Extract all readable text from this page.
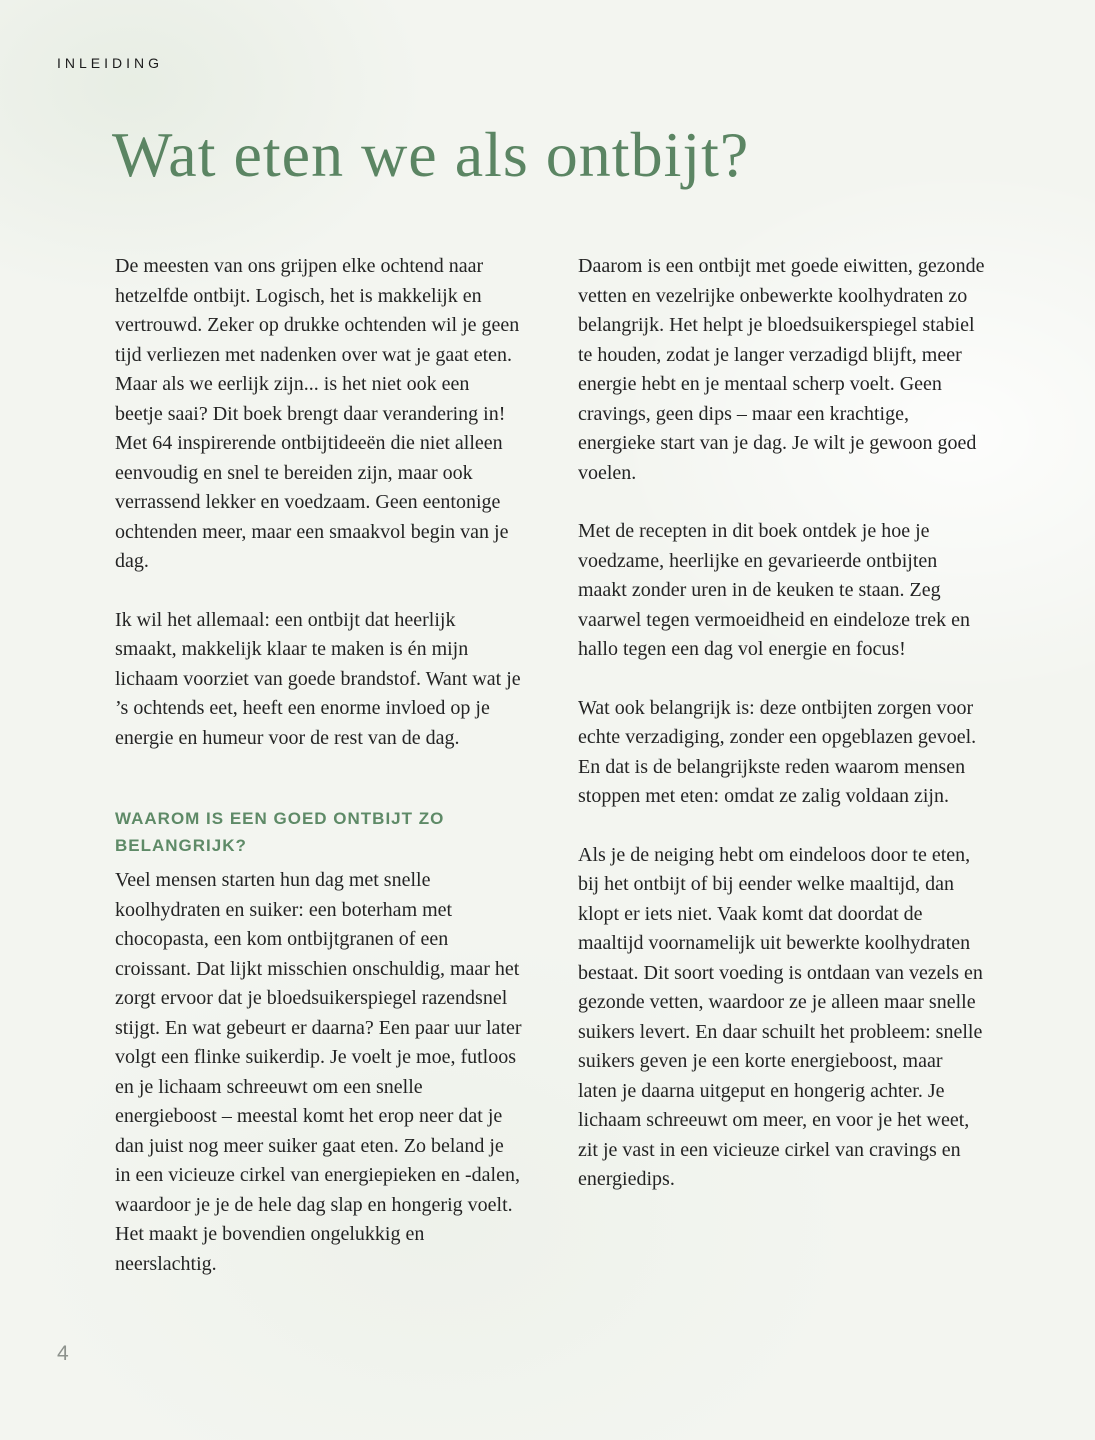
INLEIDING
Wat eten we als ontbijt?

De meesten van ons grijpen elke ochtend naar hetzelfde ontbijt. Logisch, het is makkelijk en vertrouwd. Zeker op drukke ochtenden wil je geen tijd verliezen met nadenken over wat je gaat eten. Maar als we eerlijk zijn... is het niet ook een beetje saai? Dit boek brengt daar verandering in! Met 64 inspirerende ontbijtideeën die niet alleen eenvoudig en snel te bereiden zijn, maar ook verrassend lekker en voedzaam. Geen eentonige ochtenden meer, maar een smaakvol begin van je dag.

Ik wil het allemaal: een ontbijt dat heerlijk smaakt, makkelijk klaar te maken is én mijn lichaam voorziet van goede brandstof. Want wat je ’s ochtends eet, heeft een enorme invloed op je energie en humeur voor de rest van de dag.

WAAROM IS EEN GOED ONTBIJT ZO BELANGRIJK?

Veel mensen starten hun dag met snelle koolhydraten en suiker: een boterham met chocopasta, een kom ontbijtgranen of een croissant. Dat lijkt misschien onschuldig, maar het zorgt ervoor dat je bloedsuikerspiegel razendsnel stijgt. En wat gebeurt er daarna? Een paar uur later volgt een flinke suikerdip. Je voelt je moe, futloos en je lichaam schreeuwt om een snelle energieboost – meestal komt het erop neer dat je dan juist nog meer suiker gaat eten. Zo beland je in een vicieuze cirkel van energiepieken en -dalen, waardoor je je de hele dag slap en hongerig voelt. Het maakt je bovendien ongelukkig en neerslachtig.

Daarom is een ontbijt met goede eiwitten, gezonde vetten en vezelrijke onbewerkte koolhydraten zo belangrijk. Het helpt je bloedsuikerspiegel stabiel te houden, zodat je langer verzadigd blijft, meer energie hebt en je mentaal scherp voelt. Geen cravings, geen dips – maar een krachtige, energieke start van je dag. Je wilt je gewoon goed voelen.

Met de recepten in dit boek ontdek je hoe je voedzame, heerlijke en gevarieerde ontbijten maakt zonder uren in de keuken te staan. Zeg vaarwel tegen vermoeidheid en eindeloze trek en hallo tegen een dag vol energie en focus!

Wat ook belangrijk is: deze ontbijten zorgen voor echte verzadiging, zonder een opgeblazen gevoel. En dat is de belangrijkste reden waarom mensen stoppen met eten: omdat ze zalig voldaan zijn.

Als je de neiging hebt om eindeloos door te eten, bij het ontbijt of bij eender welke maaltijd, dan klopt er iets niet. Vaak komt dat doordat de maaltijd voornamelijk uit bewerkte koolhydraten bestaat. Dit soort voeding is ontdaan van vezels en gezonde vetten, waardoor ze je alleen maar snelle suikers levert. En daar schuilt het probleem: snelle suikers geven je een korte energieboost, maar laten je daarna uitgeput en hongerig achter. Je lichaam schreeuwt om meer, en voor je het weet, zit je vast in een vicieuze cirkel van cravings en energiedips.

4
